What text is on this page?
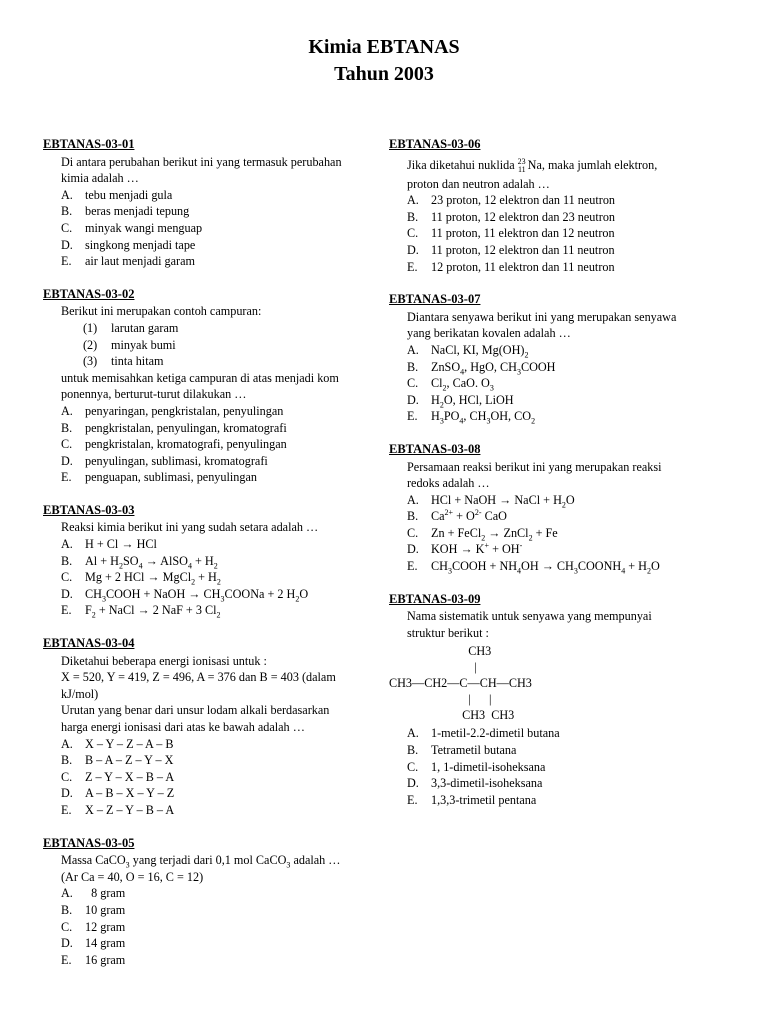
Kimia EBTANAS
Tahun 2003
EBTANAS-03-01
Di antara perubahan berikut ini yang termasuk perubahan
kimia adalah …
A. tebu menjadi gula
B.	beras menjadi tepung
C.	minyak wangi menguap
D. singkong menjadi tape
E.	air laut menjadi garam
EBTANAS-03-02
Berikut ini merupakan contoh campuran:
(1)	larutan garam
(2)	minyak bumi
(3)	tinta hitam
untuk memisahkan ketiga campuran di atas menjadi kom
ponennya, berturut-turut dilakukan …
A. penyaringan, pengkristalan, penyulingan
B.	pengkristalan, penyulingan, kromatografi
C.	pengkristalan, kromatografi, penyulingan
D. penyulingan, sublimasi, kromatografi
E.	penguapan, sublimasi, penyulingan
EBTANAS-03-03
Reaksi kimia berikut ini yang sudah setara adalah …
A. H + Cl → HCl
B.	$Al + H_2SO_4$ → AlSO$_4$ + $H_2$
C.	Mg + 2 HCl → MgCl$_2$ + $H_2$
D. $CH_3COOH$ + NaOH → $CH_3COONa + 2$ $H_2O$
E.	$F_2$ + NaCl → 2 NaF + 3 $Cl_2$
EBTANAS-03-04
Diketahui beberapa energi ionisasi untuk :
X = 520, Y = 419, Z = 496, A = 376 dan B = 403 (dalam
kJ/mol)
Urutan yang benar dari unsur lodam alkali berdasarkan
harga energi ionisasi dari atas ke bawah adalah …
A. X – Y – Z – A – B
B.	B – A – Z – Y – X
C.	Z – Y – X – B – A
D. A – B – X – Y – Z
E.	X – Z – Y – B – A
EBTANAS-03-05
Massa CaCO$_3$ yang terjadi dari 0,1 mol CaCO$_3$ adalah …
(Ar Ca = 40, O = 16, C = 12)
A. 8 gram
B.	10 gram
C.	12 gram
D. 14 gram
E.	16 gram
EBTANAS-03-06
Jika diketahui nuklida 23
11 Na, maka jumlah elektron,
proton dan neutron adalah …
A. 23 proton, 12 elektron dan 11 neutron
B.	11 proton, 12 elektron dan 23 neutron
C.	11 proton, 11 elektron dan 12 neutron
D. 11 proton, 12 elektron dan 11 neutron
E.	12 proton, 11 elektron dan 11 neutron
EBTANAS-03-07
Diantara senyawa berikut ini yang merupakan senyawa
yang berikatan kovalen adalah …
A. NaCl, KI, $Mg(OH)_2$
B.	ZnSO$_4$, HgO, $CH_3COOH$
C.	$Cl_2$, CaO. $O_3$
D. $H_2O$, HCl, LiOH
E.	$H_3PO_4$, $CH_3OH$, $CO_2$
EBTANAS-03-08
Persamaan reaksi berikut ini yang merupakan reaksi
redoks adalah …
A. HCl + NaOH → NaCl + $H_2O$
B.	$Ca^{2+} + O^{2-}$ CaO
C.	Zn + FeCl$_2$ → ZnCl$_2$ + Fe
D. KOH → K+ + OH-
E.	$CH_3COOH + NH_4OH$ → $CH_3COONH_4 + H_2O$
EBTANAS-03-09
Nama sistematik untuk senyawa yang mempunyai
struktur berikut :
CH3
|
CH3—CH2—C—CH—CH3
|      |
CH3  CH3
A. 1-metil-2.2-dimetil butana
B.	Tetrametil butana
C.	1, 1-dimetil-isoheksana
D. 3,3-dimetil-isoheksana
E.	1,3,3-trimetil pentana
